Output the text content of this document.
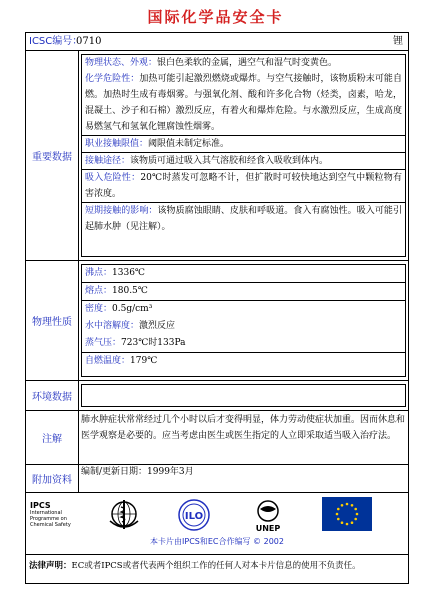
国际化学品安全卡
ICSC编号：
0710	锂
重要数据
物理状态、外观：银白色柔软的金属，遇空气和湿气时变黄色。
化学危险性：加热可能引起激烈燃烧或爆炸。与空气接触时，该物质粉末可能自燃。加热时生成有毒烟雾。与强氧化剂、酸和许多化合物（烃类，卤素，哈龙，混凝土、沙子和石棉）激烈反应，有着火和爆炸危险。与水激烈反应，生成高度易燃氢气和氢氧化锂腐蚀性烟雾。
职业接触限值：阈限值未制定标准。
接触途径：该物质可通过吸入其气溶胶和经食入吸收到体内。
吸入危险性：20℃时蒸发可忽略不计，但扩散时可较快地达到空气中颗粒物有害浓度。
短期接触的影响：该物质腐蚀眼睛、皮肤和呼吸道。食入有腐蚀性。吸入可能引起肺水肿（见注解）。
物理性质
沸点：1336℃
熔点：180.5℃
密度：0.5g/cm³
水中溶解度：激烈反应
蒸气压：723℃时133Pa
自燃温度：179℃
环境数据
注解
肺水肿症状常常经过几个小时以后才变得明显，体力劳动使症状加重。因而休息和医学观察是必要的。应当考虑由医生或医生指定的人立即采取适当吸入治疗法。
附加资料
编制/更新日期：1999年3月
IPCS
International
Programme on
Chemical Safety
ILO
UNEP
本卡片由IPCS和EC合作编写 © 2002
法律声明：EC或者IPCS或者代表两个组织工作的任何人对本卡片信息的使用不负责任。
